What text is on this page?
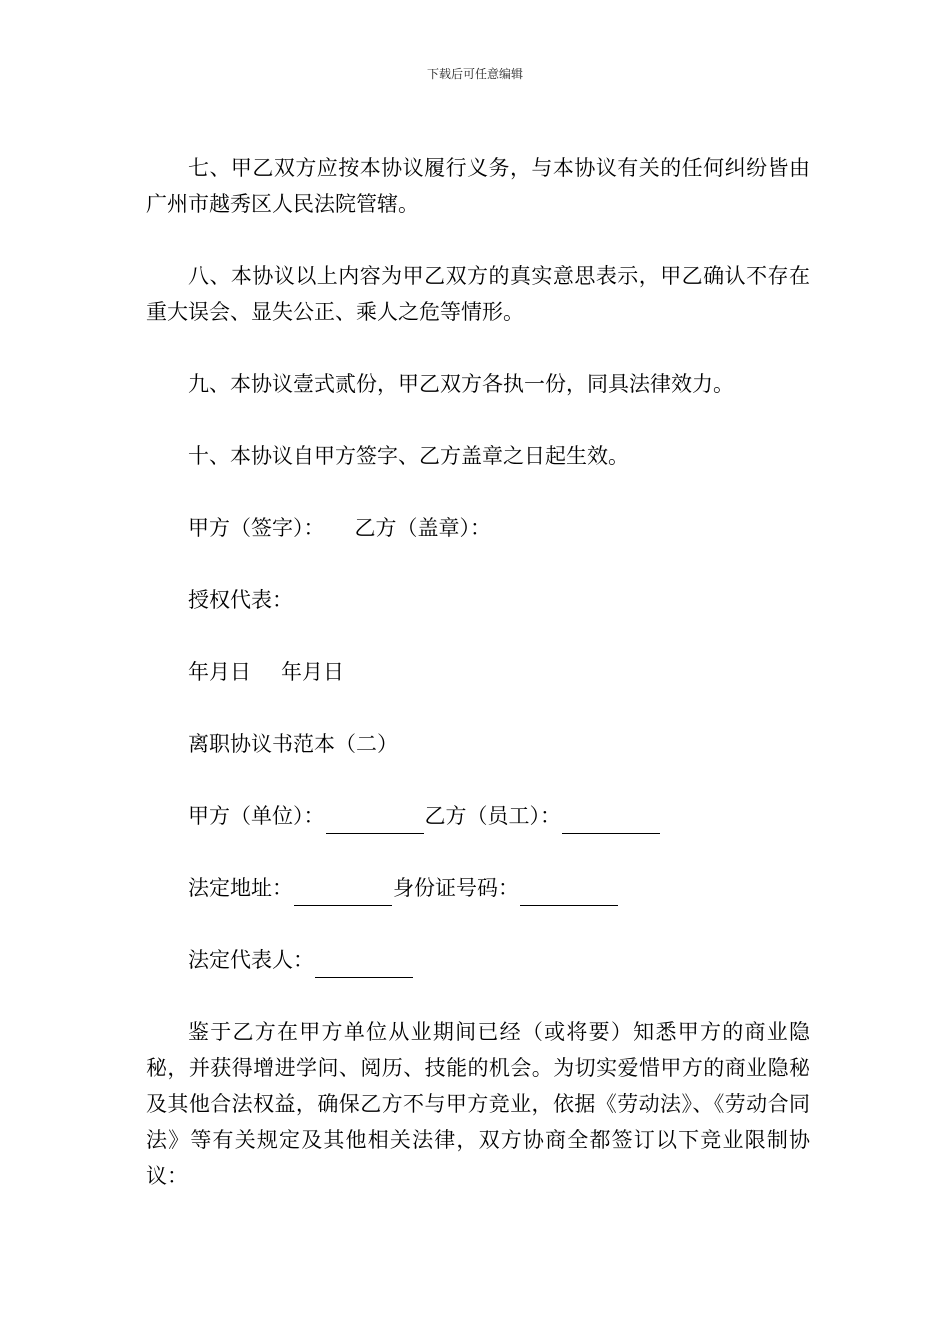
下载后可任意编辑

七、甲乙双方应按本协议履行义务，与本协议有关的任何纠纷皆由广州市越秀区人民法院管辖。

八、本协议以上内容为甲乙双方的真实意思表示，甲乙确认不存在重大误会、显失公正、乘人之危等情形。

九、本协议壹式贰份，甲乙双方各执一份，同具法律效力。

十、本协议自甲方签字、乙方盖章之日起生效。

甲方（签字）： 乙方（盖章）：

授权代表：

年月日 年月日

离职协议书范本（二）

甲方（单位）：	乙方（员工）：

法定地址：	身份证号码：

法定代表人：

鉴于乙方在甲方单位从业期间已经（或将要）知悉甲方的商业隐秘，并获得增进学问、阅历、技能的机会。为切实爱惜甲方的商业隐秘及其他合法权益，确保乙方不与甲方竞业，依据《劳动法》、《劳动合同法》等有关规定及其他相关法律，双方协商全都签订以下竞业限制协议：
